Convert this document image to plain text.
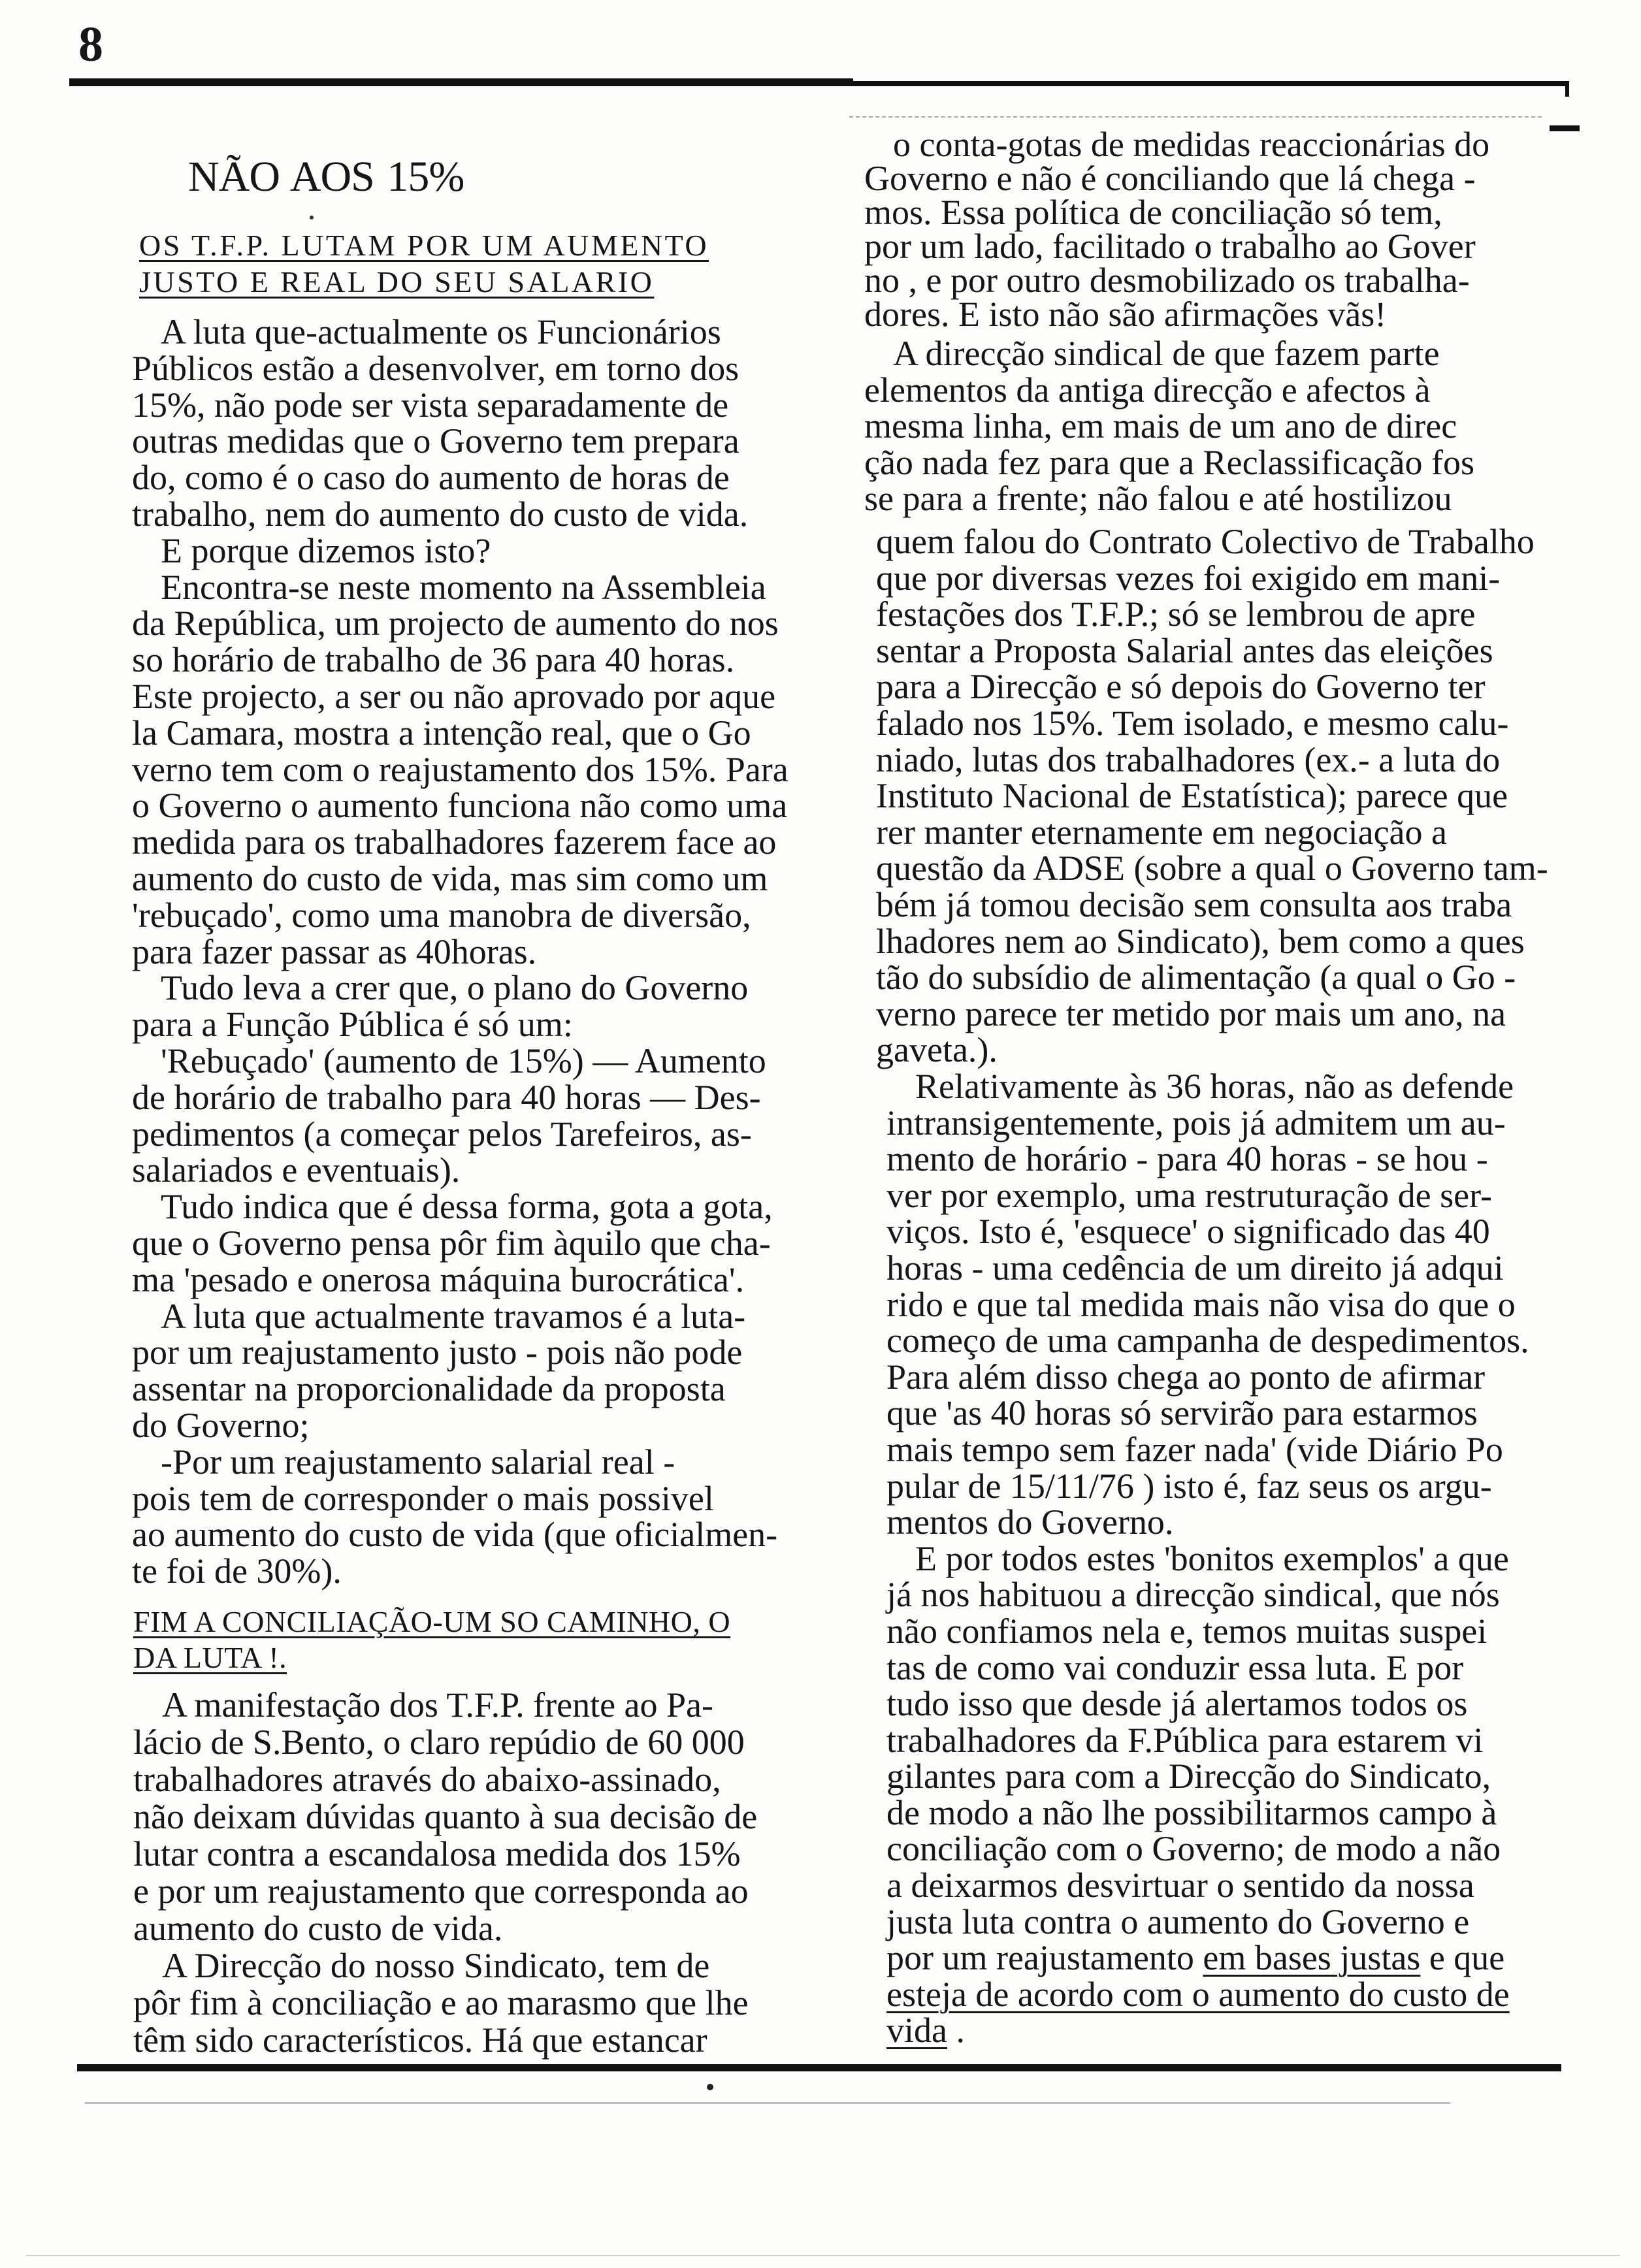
8
NÃO AOS 15%
OS T.F.P. LUTAM POR UM AUMENTO
JUSTO E REAL DO SEU SALARIO
A luta que-actualmente os Funcionários
Públicos estão a desenvolver, em torno dos
15%, não pode ser vista separadamente de
outras medidas que o Governo tem prepara
do, como é o caso do aumento de horas de
trabalho, nem do aumento do custo de vida.
E porque dizemos isto?
Encontra-se neste momento na Assembleia
da República, um projecto de aumento do nos
so horário de trabalho de 36 para 40 horas.
Este projecto, a ser ou não aprovado por aque
la Camara, mostra a intenção real, que o Go
verno tem com o reajustamento dos 15%. Para
o Governo o aumento funciona não como uma
medida para os trabalhadores fazerem face ao
aumento do custo de vida, mas sim como um
'rebuçado', como uma manobra de diversão,
para fazer passar as 40horas.
Tudo leva a crer que, o plano do Governo
para a Função Pública é só um:
'Rebuçado' (aumento de 15%) — Aumento
de horário de trabalho para 40 horas — Des-
pedimentos (a começar pelos Tarefeiros, as-
salariados e eventuais).
Tudo indica que é dessa forma, gota a gota,
que o Governo pensa pôr fim àquilo que cha-
ma 'pesado e onerosa máquina burocrática'.
A luta que actualmente travamos é a luta-
por um reajustamento justo - pois não pode
assentar na proporcionalidade da proposta
do Governo;
-Por um reajustamento salarial real -
pois tem de corresponder o mais possivel
ao aumento do custo de vida (que oficialmen-
te foi de 30%).
FIM A CONCILIAÇÃO-UM SO CAMINHO, O
DA LUTA !.
A manifestação dos T.F.P. frente ao Pa-
lácio de S.Bento, o claro repúdio de 60 000
trabalhadores através do abaixo-assinado,
não deixam dúvidas quanto à sua decisão de
lutar contra a escandalosa medida dos 15%
e por um reajustamento que corresponda ao
aumento do custo de vida.
A Direcção do nosso Sindicato, tem de
pôr fim à conciliação e ao marasmo que lhe
têm sido característicos. Há que estancar
o conta-gotas de medidas reaccionárias do
Governo e não é conciliando que lá chega -
mos. Essa política de conciliação só tem,
por um lado, facilitado o trabalho ao Gover
no , e por outro desmobilizado os trabalha-
dores. E isto não são afirmações vãs!
A direcção sindical de que fazem parte
elementos da antiga direcção e afectos à
mesma linha, em mais de um ano de direc
ção nada fez para que a Reclassificação fos
se para a frente; não falou e até hostilizou
quem falou do Contrato Colectivo de Trabalho
que por diversas vezes foi exigido em mani-
festações dos T.F.P.; só se lembrou de apre
sentar a Proposta Salarial antes das eleições
para a Direcção e só depois do Governo ter
falado nos 15%. Tem isolado, e mesmo calu-
niado, lutas dos trabalhadores (ex.- a luta do
Instituto Nacional de Estatística); parece que
rer manter eternamente em negociação a
questão da ADSE (sobre a qual o Governo tam-
bém já tomou decisão sem consulta aos traba
lhadores nem ao Sindicato), bem como a ques
tão do subsídio de alimentação (a qual o Go -
verno parece ter metido por mais um ano, na
gaveta.).
Relativamente às 36 horas, não as defende
intransigentemente, pois já admitem um au-
mento de horário - para 40 horas - se hou -
ver por exemplo, uma restruturação de ser-
viços. Isto é, 'esquece' o significado das 40
horas - uma cedência de um direito já adqui
rido e que tal medida mais não visa do que o
começo de uma campanha de despedimentos.
Para além disso chega ao ponto de afirmar
que 'as 40 horas só servirão para estarmos
mais tempo sem fazer nada' (vide Diário Po
pular de 15/11/76 ) isto é, faz seus os argu-
mentos do Governo.
E por todos estes 'bonitos exemplos' a que
já nos habituou a direcção sindical, que nós
não confiamos nela e, temos muitas suspei
tas de como vai conduzir essa luta. E por
tudo isso que desde já alertamos todos os
trabalhadores da F.Pública para estarem vi
gilantes para com a Direcção do Sindicato,
de modo a não lhe possibilitarmos campo à
conciliação com o Governo; de modo a não
a deixarmos desvirtuar o sentido da nossa
justa luta contra o aumento do Governo e
por um reajustamento em bases justas e que
esteja de acordo com o aumento do custo de
vida .
